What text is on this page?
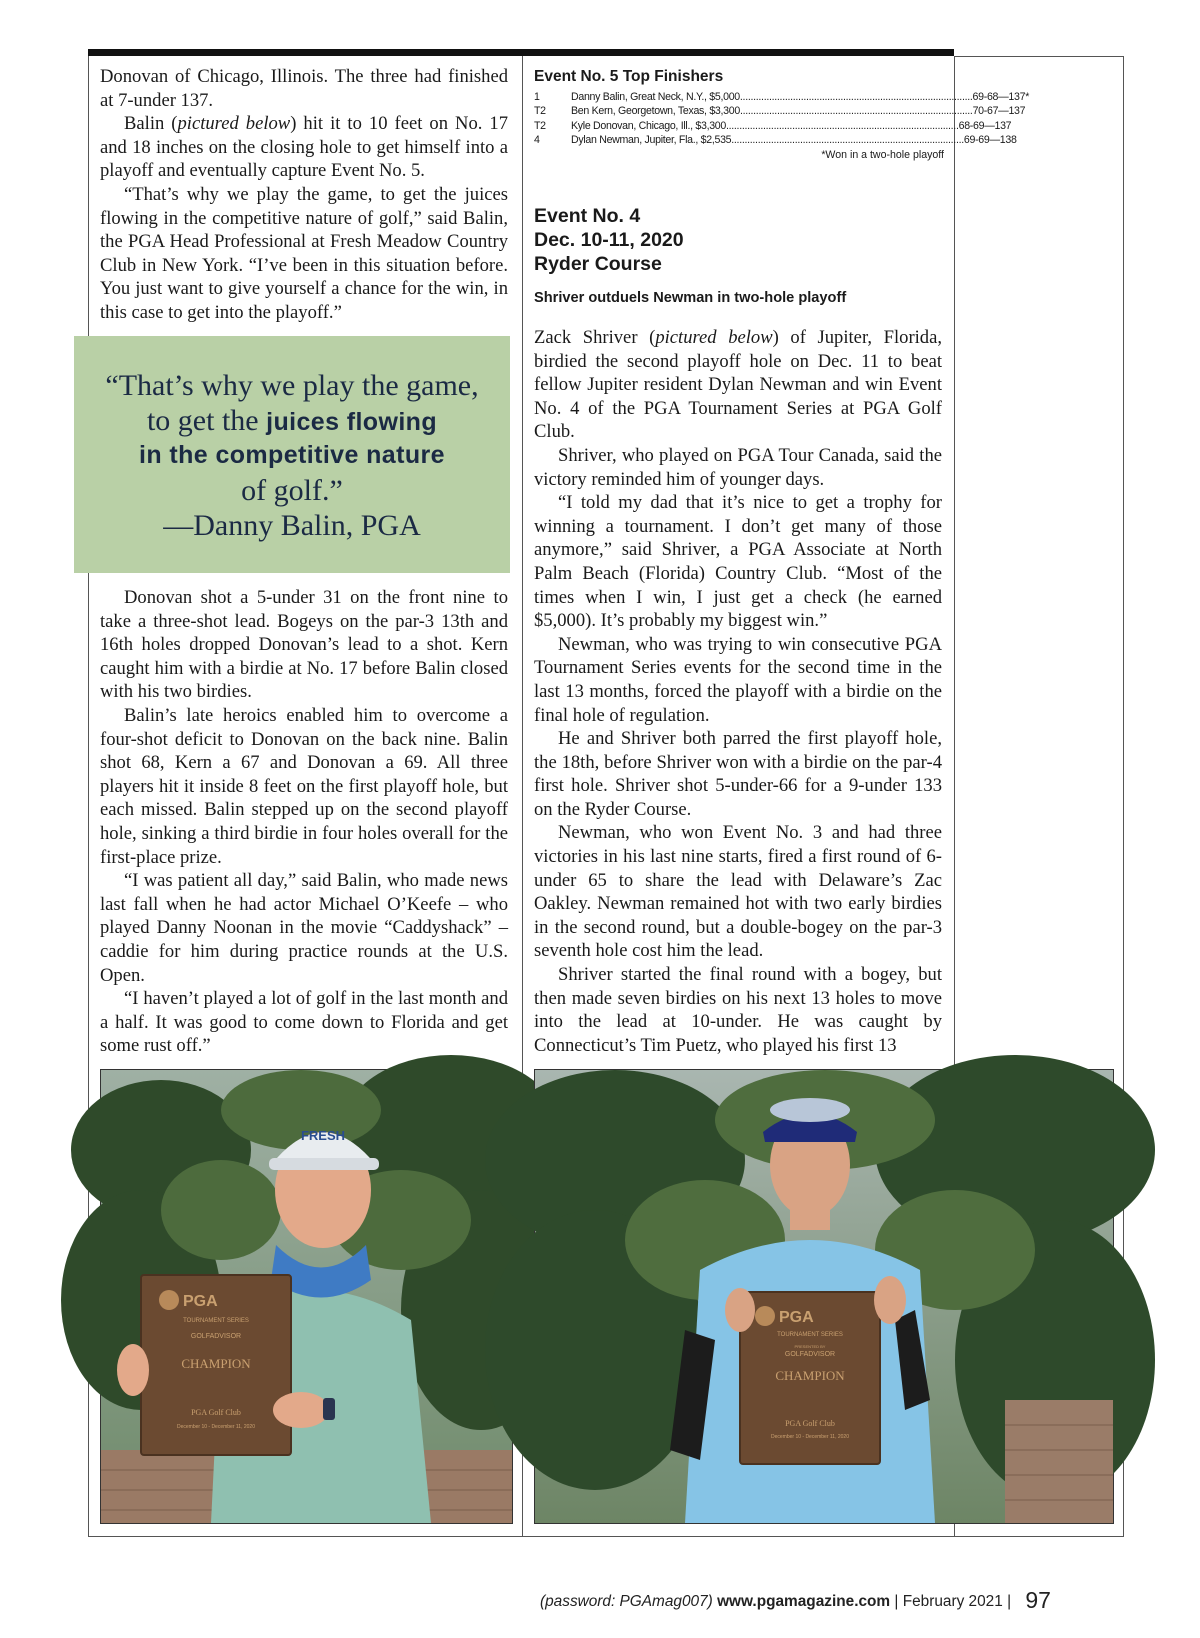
Donovan of Chicago, Illinois. The three had finished at 7-under 137.

Balin (pictured below) hit it to 10 feet on No. 17 and 18 inches on the closing hole to get himself into a playoff and eventually capture Event No. 5.

“That’s why we play the game, to get the juices flowing in the competitive nature of golf,” said Balin, the PGA Head Professional at Fresh Meadow Country Club in New York. “I’ve been in this situation before. You just want to give yourself a chance for the win, in this case to get into the playoff.”

“That’s why we play the game,
to get the juices flowing
in the competitive nature
of golf.”
—Danny Balin, PGA

Donovan shot a 5-under 31 on the front nine to take a three-shot lead. Bogeys on the par-3 13th and 16th holes dropped Donovan’s lead to a shot. Kern caught him with a birdie at No. 17 before Balin closed with his two birdies.

Balin’s late heroics enabled him to overcome a four-shot deficit to Donovan on the back nine. Balin shot 68, Kern a 67 and Donovan a 69. All three players hit it inside 8 feet on the first playoff hole, but each missed. Balin stepped up on the second playoff hole, sinking a third birdie in four holes overall for the first-place prize.

“I was patient all day,” said Balin, who made news last fall when he had actor Michael O’Keefe – who played Danny Noonan in the movie “Caddyshack” – caddie for him during practice rounds at the U.S. Open.

“I haven’t played a lot of golf in the last month and a half. It was good to come down to Florida and get some rust off.”

Event No. 5 Top Finishers
1	Danny Balin, Great Neck, N.Y., $5,000 ........................................................................................ 69-68—137*
T2	Ben Kern, Georgetown, Texas, $3,300 ........................................................................................ 70-67—137
T2	Kyle Donovan, Chicago, Ill., $3,300 ........................................................................................ 68-69—137
4	Dylan Newman, Jupiter, Fla., $2,535 ........................................................................................ 69-69—138
*Won in a two-hole playoff
Event No. 4
Dec. 10-11, 2020
Ryder Course
Shriver outduels Newman in two-hole playoff

Zack Shriver (pictured below) of Jupiter, Florida, birdied the second playoff hole on Dec. 11 to beat fellow Jupiter resident Dylan Newman and win Event No. 4 of the PGA Tournament Series at PGA Golf Club.

Shriver, who played on PGA Tour Canada, said the victory reminded him of younger days.

“I told my dad that it’s nice to get a trophy for winning a tournament. I don’t get many of those anymore,” said Shriver, a PGA Associate at North Palm Beach (Florida) Country Club. “Most of the times when I win, I just get a check (he earned $5,000). It’s probably my biggest win.”

Newman, who was trying to win consecutive PGA Tournament Series events for the second time in the last 13 months, forced the playoff with a birdie on the final hole of regulation.

He and Shriver both parred the first playoff hole, the 18th, before Shriver won with a birdie on the par-4 first hole. Shriver shot 5-under-66 for a 9-under 133 on the Ryder Course.

Newman, who won Event No. 3 and had three victories in his last nine starts, fired a first round of 6-under 65 to share the lead with Delaware’s Zac Oakley. Newman remained hot with two early birdies in the second round, but a double-bogey on the par-3 seventh hole cost him the lead.

Shriver started the final round with a bogey, but then made seven birdies on his next 13 holes to move into the lead at 10-under. He was caught by Connecticut’s Tim Puetz, who played his first 13

FRESH
PGA
TOURNAMENT SERIES
GOLFADVISOR
CHAMPION
PGA Golf Club
December 10 - December 11, 2020
PGA
TOURNAMENT SERIES
PRESENTED BY
GOLFADVISOR
CHAMPION
PGA Golf Club
December 10 - December 11, 2020
(password: PGAmag007) www.pgamagazine.com | February 2021 | 97
